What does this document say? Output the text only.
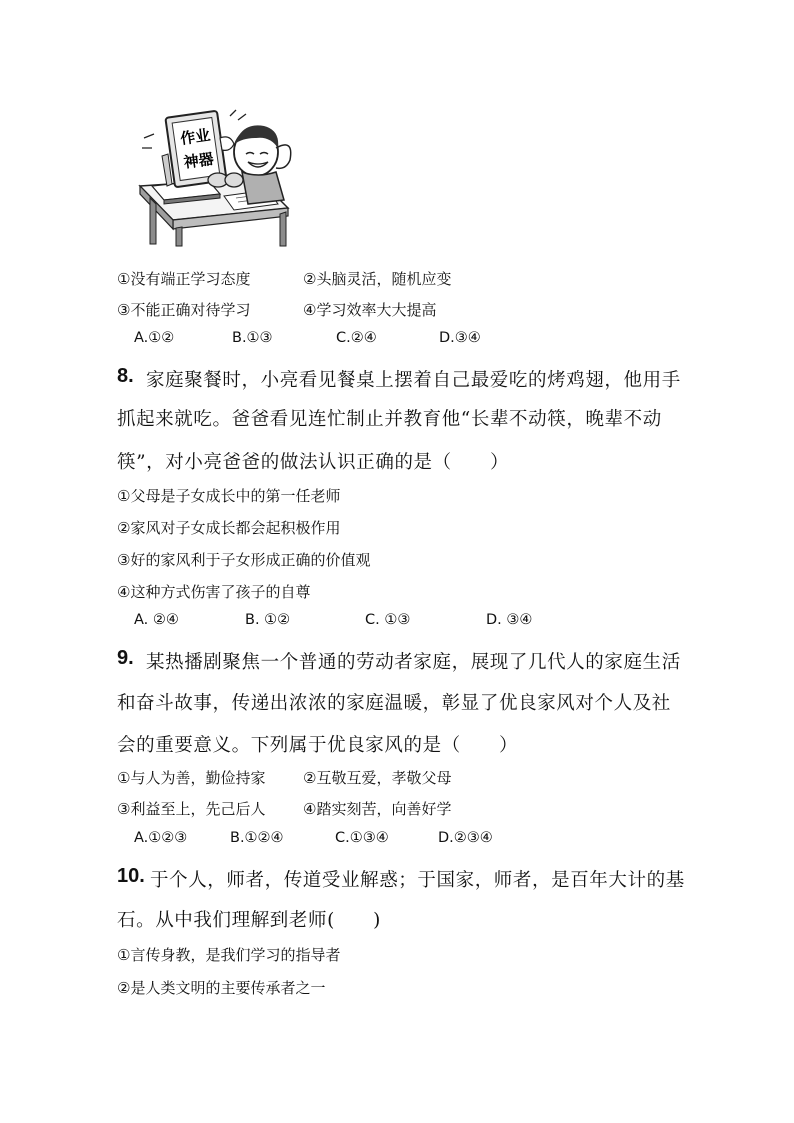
作业
神器
①没有端正学习态度	②头脑灵活，随机应变
③不能正确对待学习	④学习效率大大提高
A.①②	B.①③	C.②④	D.③④
8. 家庭聚餐时，小亮看见餐桌上摆着自己最爱吃的烤鸡翅，他用手
抓起来就吃。爸爸看见连忙制止并教育他“长辈不动筷，晚辈不动
筷”，对小亮爸爸的做法认识正确的是（　　）
①父母是子女成长中的第一任老师
②家风对子女成长都会起积极作用
③好的家风利于子女形成正确的价值观
④这种方式伤害了孩子的自尊
A. ②④	B. ①②	C. ①③	D. ③④
9. 某热播剧聚焦一个普通的劳动者家庭，展现了几代人的家庭生活
和奋斗故事，传递出浓浓的家庭温暖，彰显了优良家风对个人及社
会的重要意义。下列属于优良家风的是（　　）
①与人为善，勤俭持家	②互敬互爱，孝敬父母
③利益至上，先己后人	④踏实刻苦，向善好学
A.①②③	B.①②④	C.①③④	D.②③④
10. 于个人，师者，传道受业解惑；于国家，师者，是百年大计的基
石。从中我们理解到老师(　　)
①言传身教，是我们学习的指导者
②是人类文明的主要传承者之一
